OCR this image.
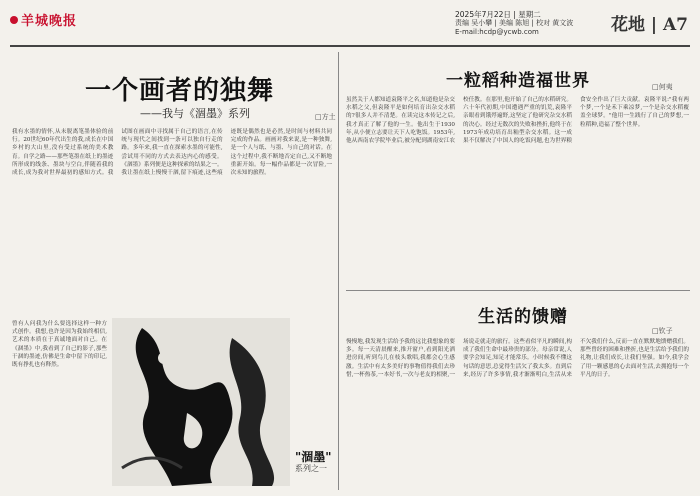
羊城晚报	2025年7月22日 | 星期二
责编 吴小攀 | 美编 陈旭 | 校对 黄文波
E-mail:hcdp@ycwb.com	花地 | A7
一个画者的独舞
——我与《涸墨》系列	□方土
我有水墨的情怀,从未脱离笔墨体验的前行。20世纪60年代出生的我,成长在中国乡村的大山里,没有受过系统的美术教育。自学之路——那些笔墨在纸上的墨迹所形成的线条、墨块与空白,伴随着我的成长,成为我对世界最初的感知方式。我试图在画面中寻找属于自己的语言,在传统与现代之间找到一条可以独自行走的路。多年来,我一直在探索水墨的可能性,尝试用不同的方式去表达内心的感受。《涸墨》系列便是这种探索的结果之一。我让墨在纸上慢慢干涸,留下痕迹,这些痕迹既是偶然也是必然,是时间与材料共同完成的作品。画画对我来说,是一种独舞,是一个人与纸、与墨、与自己的对话。在这个过程中,我不断地否定自己,又不断地重新开始。每一幅作品都是一次冒险,一次未知的旅程。
曾有人问我为什么要选择这样一种方式创作。我想,也许是因为我始终相信,艺术的本质在于真诚地面对自己。在《涸墨》中,我看到了自己的影子,那些干涸的墨迹,仿佛是生命中留下的印记,既有挣扎也有释然。
"涸墨"
系列之一
一粒稻种造福世界	□何夷
虽然关于人都知道袁隆平之名,知道他是杂交水稻之父,但袁隆平是如何培育出杂交水稻的?很多人并不清楚。在读完这本传记之后,我才真正了解了他的一生。他出生于1930年,从小便立志要让天下人吃饱饭。1953年,他从西南农学院毕业后,被分配到湖南安江农校任教。在那里,他开始了自己的水稻研究。六十年代初期,中国遭遇严重的饥荒,袁隆平亲眼看到饿殍遍野,这坚定了他研究杂交水稻的决心。经过无数次的失败和挫折,他终于在1973年成功培育出籼型杂交水稻。这一成果不仅解决了中国人的吃饭问题,也为世界粮食安全作出了巨大贡献。袁隆平说:"我有两个梦,一个是禾下乘凉梦,一个是杂交水稻覆盖全球梦。"他用一生践行了自己的梦想,一粒稻种,造福了整个世界。
生活的馈赠
□钦子
慢慢地,我发现生活给予我的远比我想象的要多。每一天清晨醒来,推开窗户,看到阳光洒进房间,听到鸟儿在枝头歌唱,我都会心生感激。生活中有太多美好的事物值得我们去珍惜,一杯热茶,一本好书,一次与老友的相聚,一场说走就走的旅行。这些看似平凡的瞬间,构成了我们生命中最珍贵的部分。母亲常说,人要学会知足,知足才能常乐。小时候我不懂这句话的意思,总觉得生活欠了我太多。直到后来,经历了许多事情,我才渐渐明白,生活从来不欠我们什么,反而一直在默默地馈赠我们。那些曾经的困难和挫折,也是生活给予我们的礼物,让我们成长,让我们坚强。如今,我学会了用一颗感恩的心去面对生活,去拥抱每一个平凡的日子。
